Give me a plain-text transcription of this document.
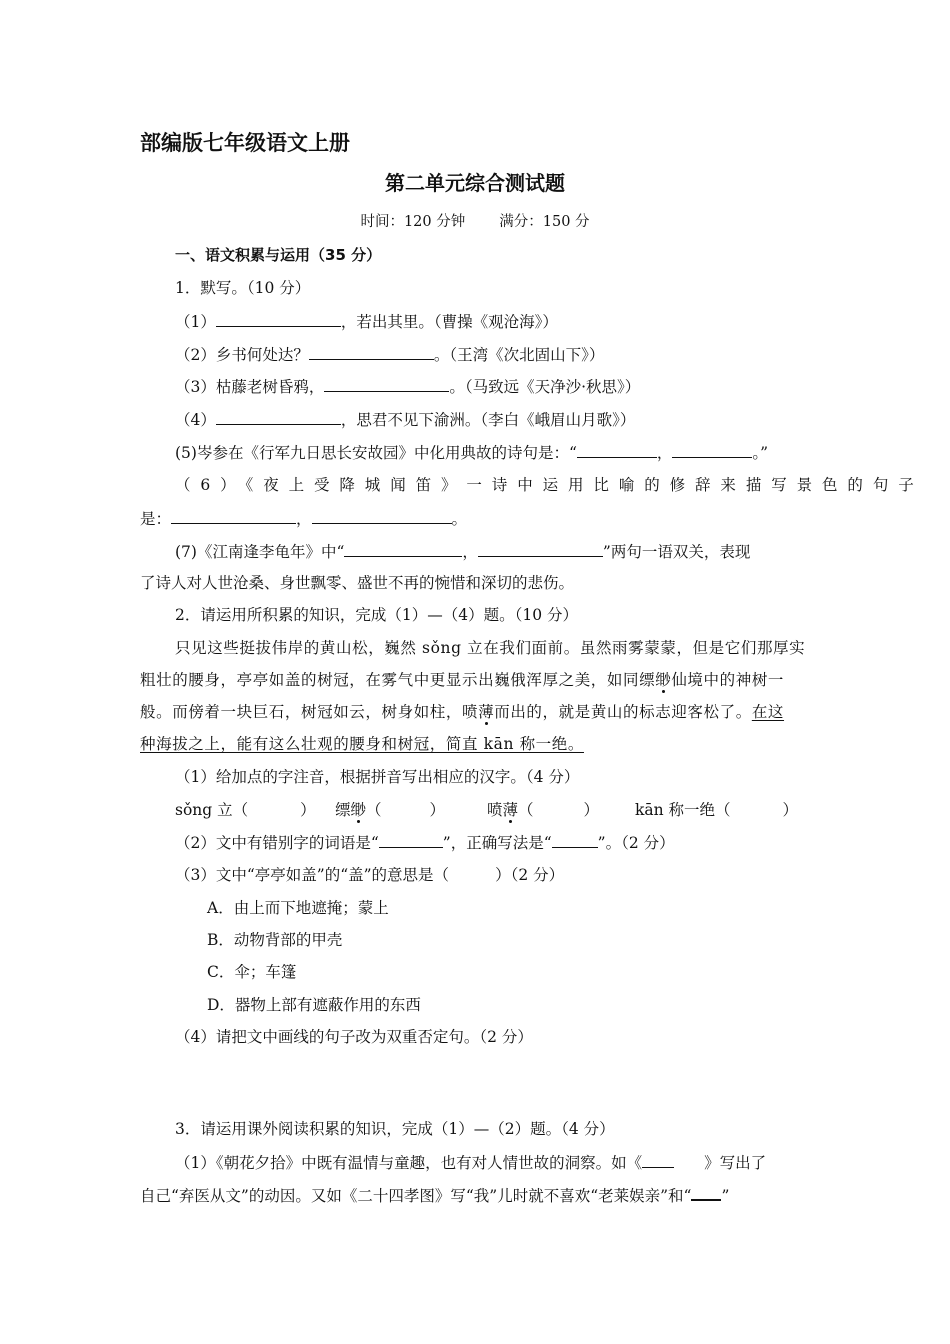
部编版七年级语文上册
第二单元综合测试题
时间：120 分钟 满分：150 分
一、语文积累与运用（35 分）
1．默写。（10 分）
（1）	，若出其里。（曹操《观沧海》）
（2）乡书何处达？	。（王湾《次北固山下》）
（3）枯藤老树昏鸦，	。（马致远《天净沙·秋思》）
（4）	，思君不见下渝洲。（李白《峨眉山月歌》）
(5)岑参在《行军九日思长安故园》中化用典故的诗句是：“	，	。”
（6）《夜上受降城闻笛》一诗中运用比喻的修辞来描写景色的句子
是：	，	。
(7)《江南逢李龟年》中“	，	”两句一语双关，表现
了诗人对人世沧桑、身世飘零、盛世不再的惋惜和深切的悲伤。
2．请运用所积累的知识，完成（1）—（4）题。（10 分）
只见这些挺拔伟岸的黄山松，巍然 sǒng 立在我们面前。虽然雨雾蒙蒙，但是它们那厚实
粗壮的腰身，亭亭如盖的树冠，在雾气中更显示出巍俄浑厚之美，如同缥缈仙境中的神树一
般。而傍着一块巨石，树冠如云，树身如柱，喷薄而出的，就是黄山的标志迎客松了。在这
种海拔之上，能有这么壮观的腰身和树冠，简直 kān 称一绝。
（1）给加点的字注音，根据拼音写出相应的汉字。（4 分）
sǒng 立（	） 缥缈（	）	喷薄（	） kān 称一绝（	）
（2）文中有错别字的词语是“	”，正确写法是“	”。（2 分）
（3）文中“亭亭如盖”的“盖”的意思是（	）（2 分）
A．由上而下地遮掩；蒙上
B．动物背部的甲壳
C．伞；车篷
D．器物上部有遮蔽作用的东西
（4）请把文中画线的句子改为双重否定句。（2 分）
3．请运用课外阅读积累的知识，完成（1）—（2）题。（4 分）
（1）《朝花夕拾》中既有温情与童趣，也有对人情世故的洞察。如《	》写出了
自己“弃医从文”的动因。又如《二十四孝图》写“我”儿时就不喜欢“老莱娱亲”和“ ”
